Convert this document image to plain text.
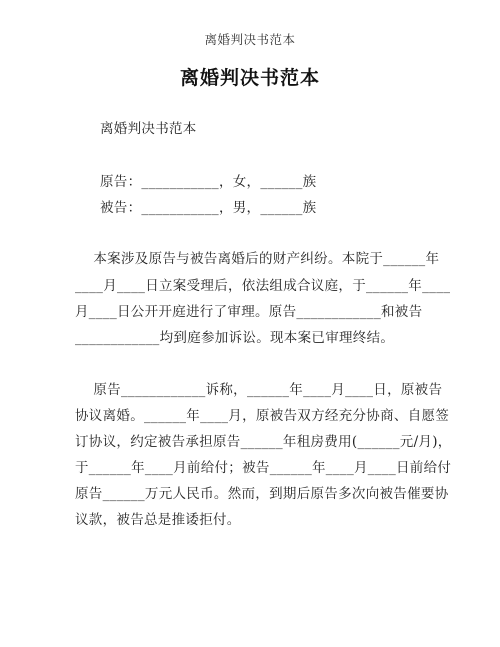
离婚判决书范本
离婚判决书范本
离婚判决书范本
原告：___________，女，______族
被告：___________，男，______族
本案涉及原告与被告离婚后的财产纠纷。本院于______年
____月____日立案受理后，依法组成合议庭，于______年____
月____日公开开庭进行了审理。原告____________和被告
____________均到庭参加诉讼。现本案已审理终结。
原告____________诉称，______年____月____日，原被告
协议离婚。______年____月，原被告双方经充分协商、自愿签
订协议，约定被告承担原告______年租房费用(______元/月)，
于______年____月前给付；被告______年____月____日前给付
原告______万元人民币。然而，到期后原告多次向被告催要协
议款，被告总是推诿拒付。
